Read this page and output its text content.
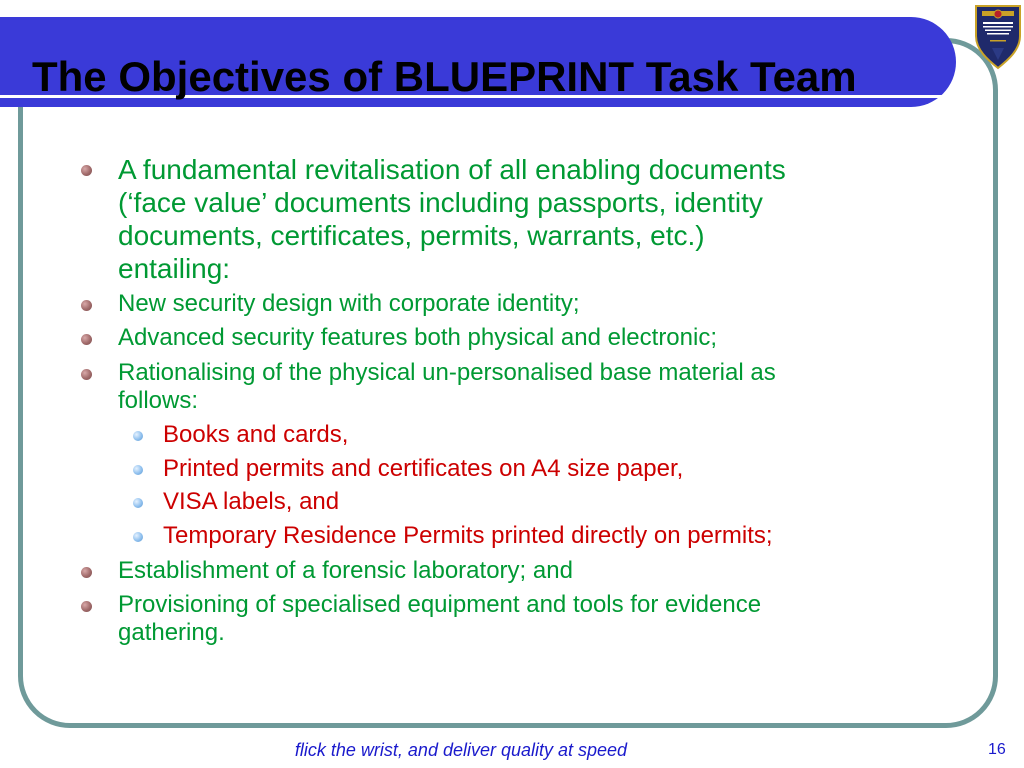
The Objectives of BLUEPRINT Task Team

A fundamental revitalisation of all enabling documents
(‘face value’ documents including passports, identity
documents, certificates, permits, warrants, etc.)
entailing:

New security design with corporate identity;

Advanced security features both physical and electronic;

Rationalising of the physical un-personalised base material as
follows:

Books and cards,

Printed permits and certificates on A4 size paper,

VISA labels, and

Temporary Residence Permits printed directly on permits;

Establishment of a forensic laboratory; and

Provisioning of specialised equipment and tools for evidence
gathering.

flick the wrist, and deliver quality at speed	16
